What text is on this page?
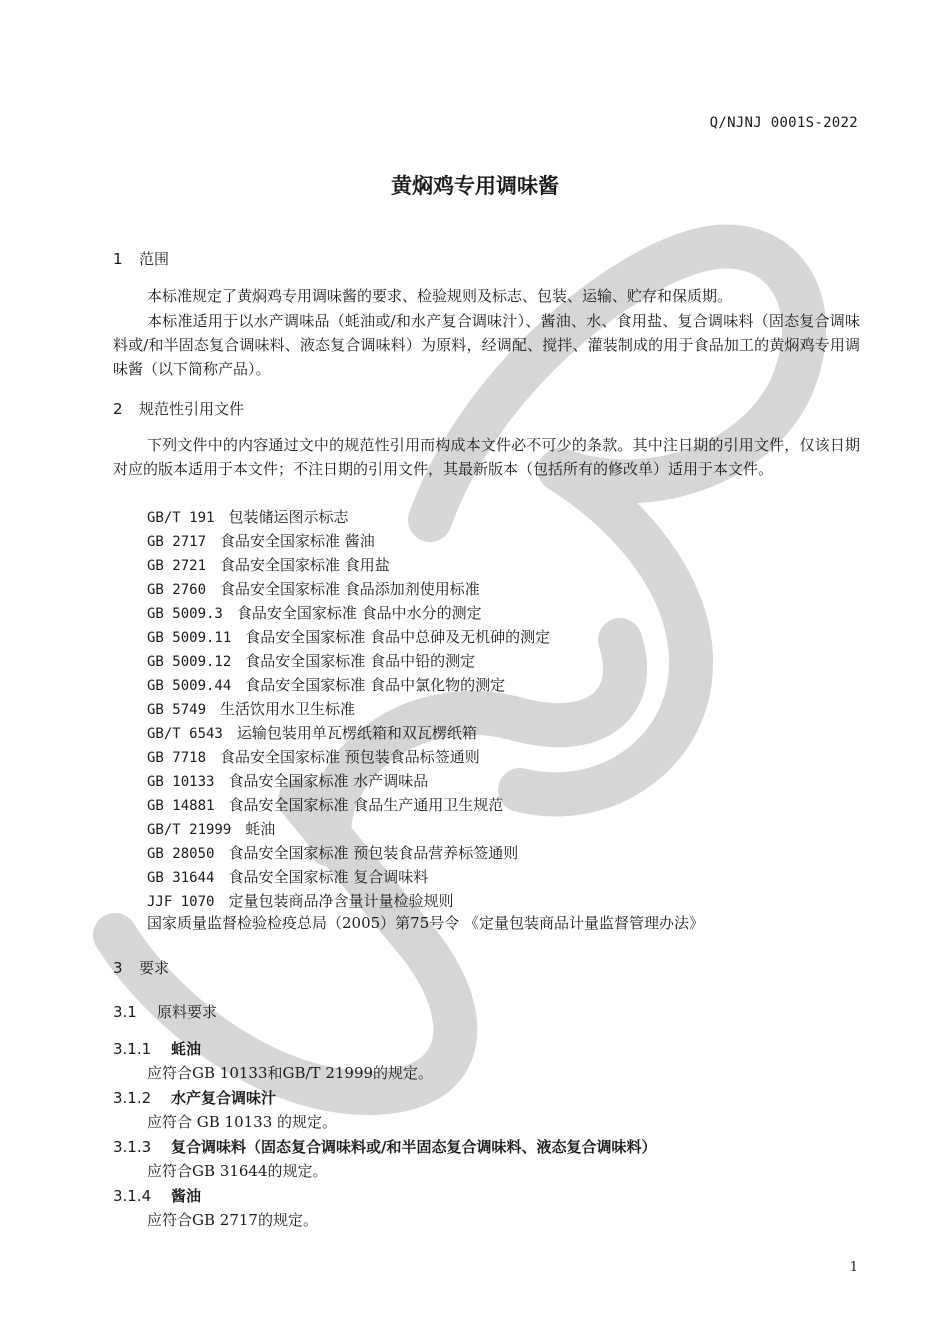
QSZ
Q/NJNJ 0001S-2022
黄焖鸡专用调味酱
1 范围
本标准规定了黄焖鸡专用调味酱的要求、检验规则及标志、包装、运输、贮存和保质期。
本标准适用于以水产调味品（蚝油或/和水产复合调味汁）、酱油、水、食用盐、复合调味料（固态复合调味料或/和半固态复合调味料、液态复合调味料）为原料，经调配、搅拌、灌装制成的用于食品加工的黄焖鸡专用调味酱（以下简称产品）。
2 规范性引用文件
下列文件中的内容通过文中的规范性引用而构成本文件必不可少的条款。其中注日期的引用文件，仅该日期对应的版本适用于本文件；不注日期的引用文件，其最新版本（包括所有的修改单）适用于本文件。
GB/T 191 包装储运图示标志
GB 2717 食品安全国家标准 酱油
GB 2721 食品安全国家标准 食用盐
GB 2760 食品安全国家标准 食品添加剂使用标准
GB 5009.3 食品安全国家标准 食品中水分的测定
GB 5009.11 食品安全国家标准 食品中总砷及无机砷的测定
GB 5009.12 食品安全国家标准 食品中铅的测定
GB 5009.44 食品安全国家标准 食品中氯化物的测定
GB 5749 生活饮用水卫生标准
GB/T 6543 运输包装用单瓦楞纸箱和双瓦楞纸箱
GB 7718 食品安全国家标准 预包装食品标签通则
GB 10133 食品安全国家标准 水产调味品
GB 14881 食品安全国家标准 食品生产通用卫生规范
GB/T 21999 蚝油
GB 28050 食品安全国家标准 预包装食品营养标签通则
GB 31644 食品安全国家标准 复合调味料
JJF 1070 定量包装商品净含量计量检验规则
国家质量监督检验检疫总局（2005）第75号令 《定量包装商品计量监督管理办法》
3 要求
3.1 原料要求
3.1.1 蚝油
应符合GB 10133和GB/T 21999的规定。
3.1.2 水产复合调味汁
应符合 GB 10133 的规定。
3.1.3 复合调味料（固态复合调味料或/和半固态复合调味料、液态复合调味料）
应符合GB 31644的规定。
3.1.4 酱油
应符合GB 2717的规定。
1
